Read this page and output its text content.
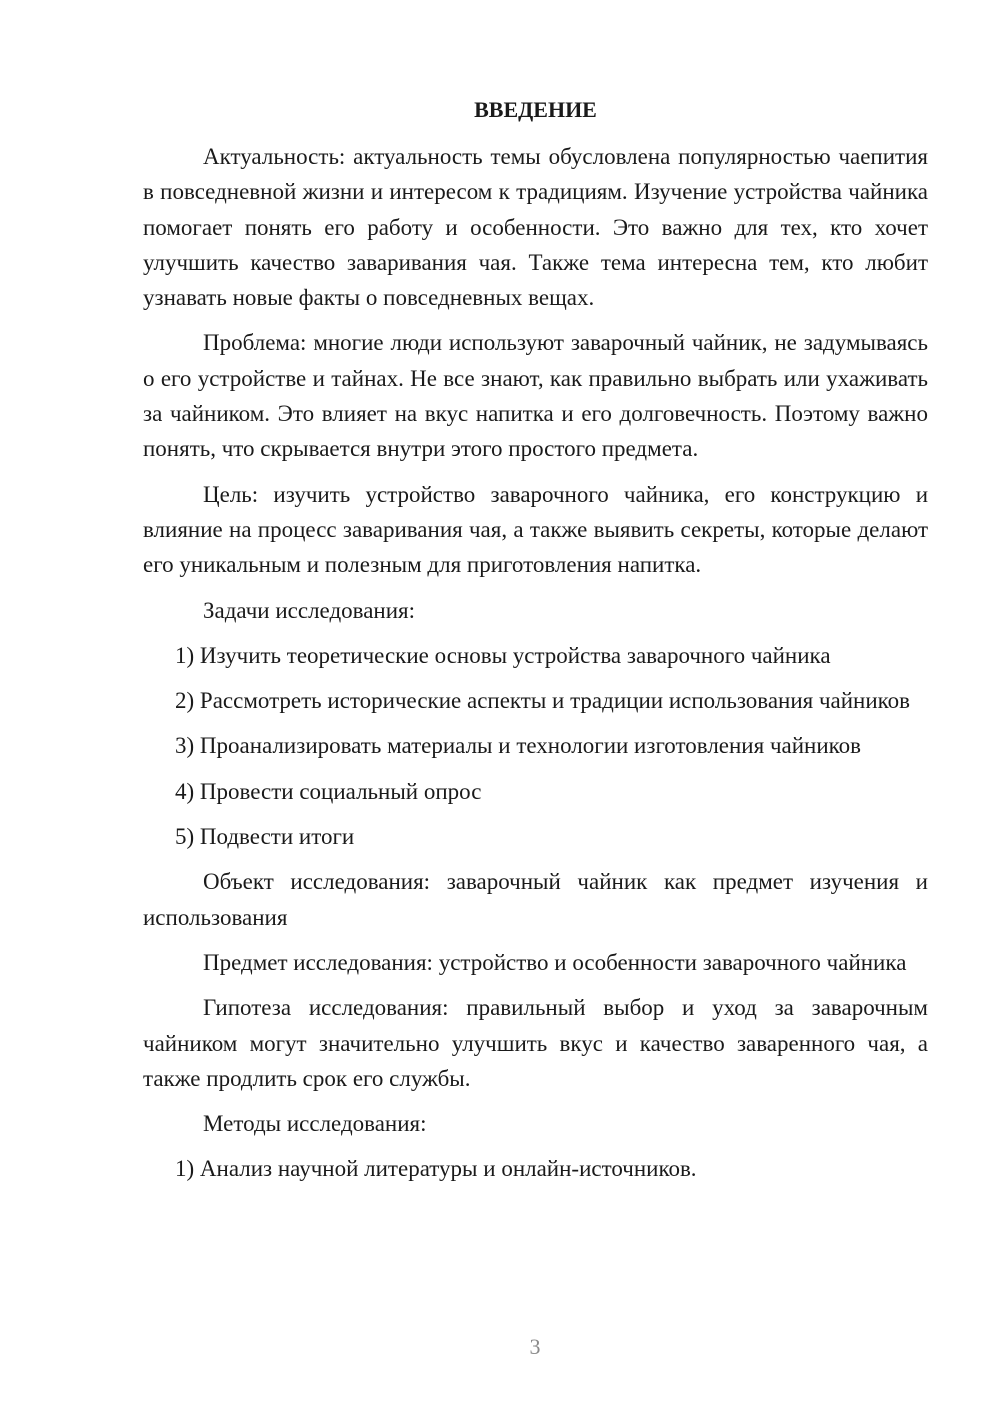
ВВЕДЕНИЕ

Актуальность: актуальность темы обусловлена популярностью чаепития в повседневной жизни и интересом к традициям. Изучение устройства чайника помогает понять его работу и особенности. Это важно для тех, кто хочет улучшить качество заваривания чая. Также тема интересна тем, кто любит узнавать новые факты о повседневных вещах.

Проблема: многие люди используют заварочный чайник, не задумываясь о его устройстве и тайнах. Не все знают, как правильно выбрать или ухаживать за чайником. Это влияет на вкус напитка и его долговечность. Поэтому важно понять, что скрывается внутри этого простого предмета.

Цель: изучить устройство заварочного чайника, его конструкцию и влияние на процесс заваривания чая, а также выявить секреты, которые делают его уникальным и полезным для приготовления напитка.

Задачи исследования:

1) Изучить теоретические основы устройства заварочного чайника

2) Рассмотреть исторические аспекты и традиции использования чайников

3) Проанализировать материалы и технологии изготовления чайников

4) Провести социальный опрос

5) Подвести итоги

Объект исследования: заварочный чайник как предмет изучения и использования

Предмет исследования: устройство и особенности заварочного чайника

Гипотеза исследования: правильный выбор и уход за заварочным чайником могут значительно улучшить вкус и качество заваренного чая, а также продлить срок его службы.

Методы исследования:

1) Анализ научной литературы и онлайн-источников.

3
